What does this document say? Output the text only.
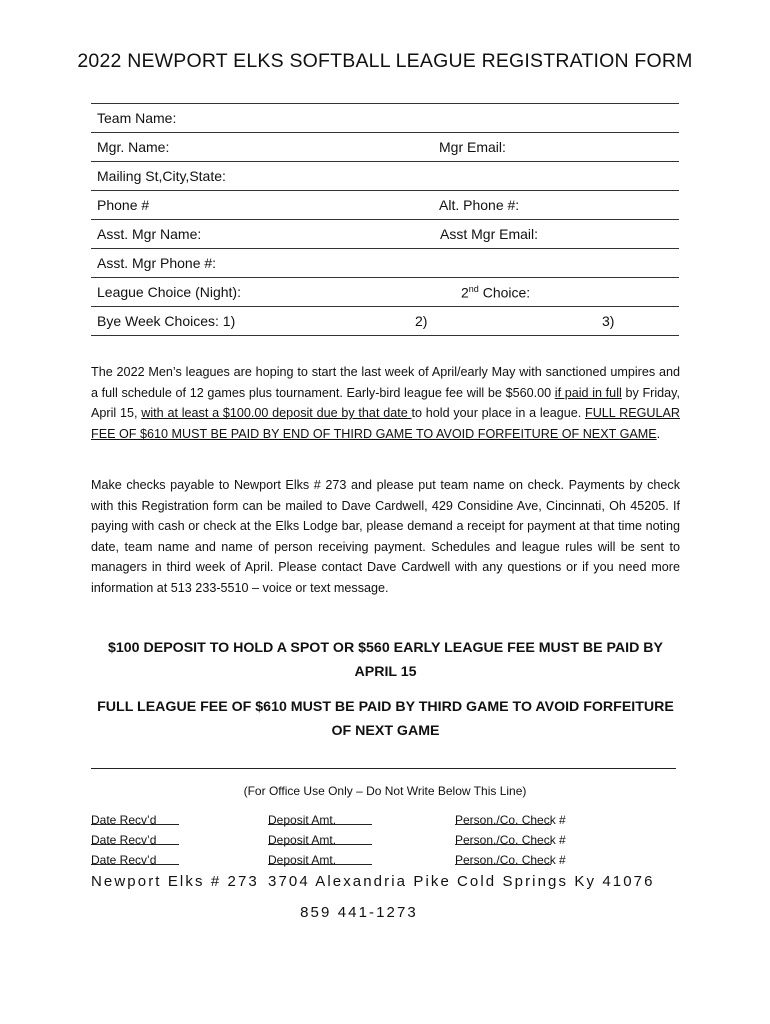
2022 NEWPORT ELKS SOFTBALL LEAGUE REGISTRATION FORM
Team Name:
Mgr. Name:	Mgr Email:
Mailing St,City,State:
Phone #	Alt. Phone #:
Asst. Mgr Name:	Asst Mgr Email:
Asst. Mgr Phone #:
League Choice (Night):	2nd Choice:
Bye Week Choices: 1)	2)	3)
The 2022 Men’s leagues are hoping to start the last week of April/early May with sanctioned umpires and a full schedule of 12 games plus tournament. Early-bird league fee will be $560.00 if paid in full by Friday, April 15, with at least a $100.00 deposit due by that date to hold your place in a league. FULL REGULAR FEE OF $610 MUST BE PAID BY END OF THIRD GAME TO AVOID FORFEITURE OF NEXT GAME.
Make checks payable to Newport Elks # 273 and please put team name on check. Payments by check with this Registration form can be mailed to Dave Cardwell, 429 Considine Ave, Cincinnati, Oh 45205. If paying with cash or check at the Elks Lodge bar, please demand a receipt for payment at that time noting date, team name and name of person receiving payment. Schedules and league rules will be sent to managers in third week of April. Please contact Dave Cardwell with any questions or if you need more information at 513 233-5510 – voice or text message.
$100 DEPOSIT TO HOLD A SPOT OR $560 EARLY LEAGUE FEE MUST BE PAID BY APRIL 15
FULL LEAGUE FEE OF $610 MUST BE PAID BY THIRD GAME TO AVOID FORFEITURE OF NEXT GAME
(For Office Use Only – Do Not Write Below This Line)
Date Recv’d	Deposit Amt.	Person./Co. Check #
Date Recv’d	Deposit Amt.	Person./Co. Check #
Date Recv’d	Deposit Amt.	Person./Co. Check #
Newport Elks # 273 3704 Alexandria Pike Cold Springs Ky 41076
859 441-1273
